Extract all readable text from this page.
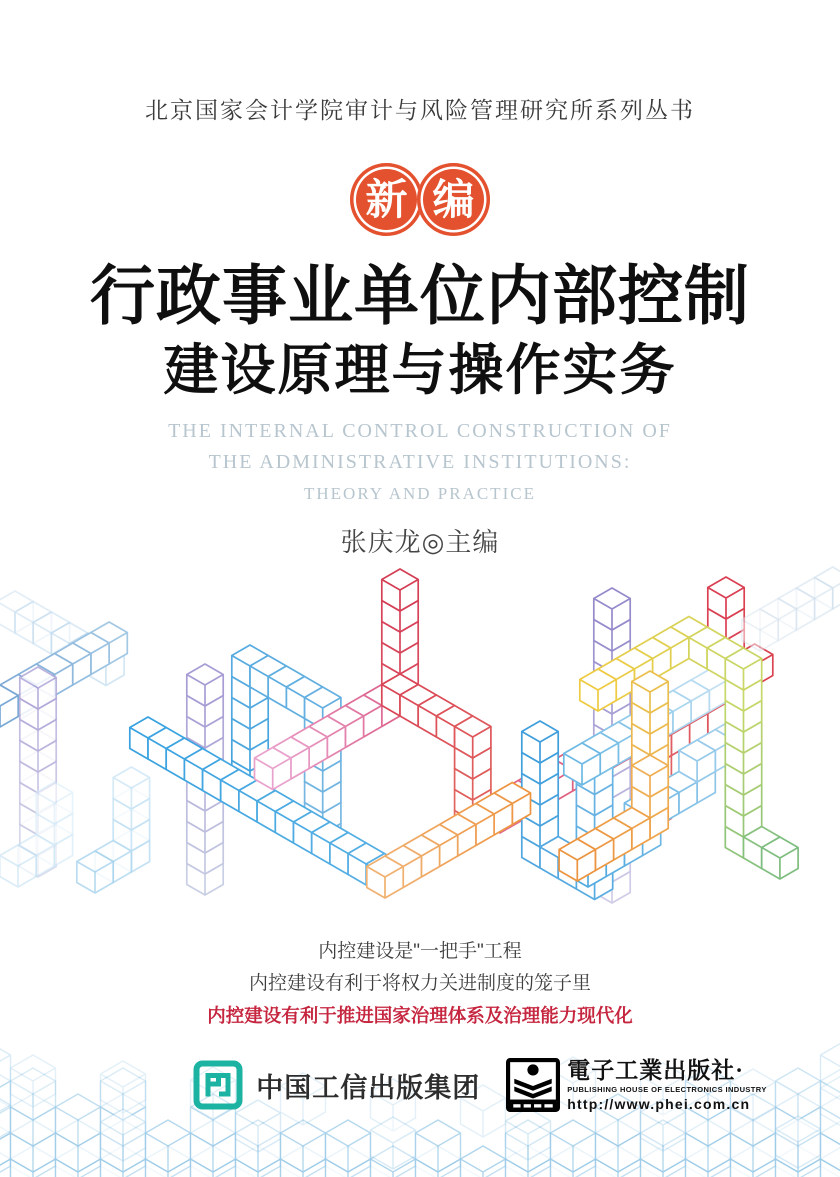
北京国家会计学院审计与风险管理研究所系列丛书
新 编
行政事业单位内部控制
建设原理与操作实务
THE INTERNAL CONTROL CONSTRUCTION OF
THE ADMINISTRATIVE INSTITUTIONS:
THEORY AND PRACTICE
张庆龙◎主编
内控建设是"一把手"工程
内控建设有利于将权力关进制度的笼子里
内控建设有利于推进国家治理体系及治理能力现代化
中国工信出版集团
電子工業出版社·
PUBLISHING HOUSE OF ELECTRONICS INDUSTRY
http://www.phei.com.cn
